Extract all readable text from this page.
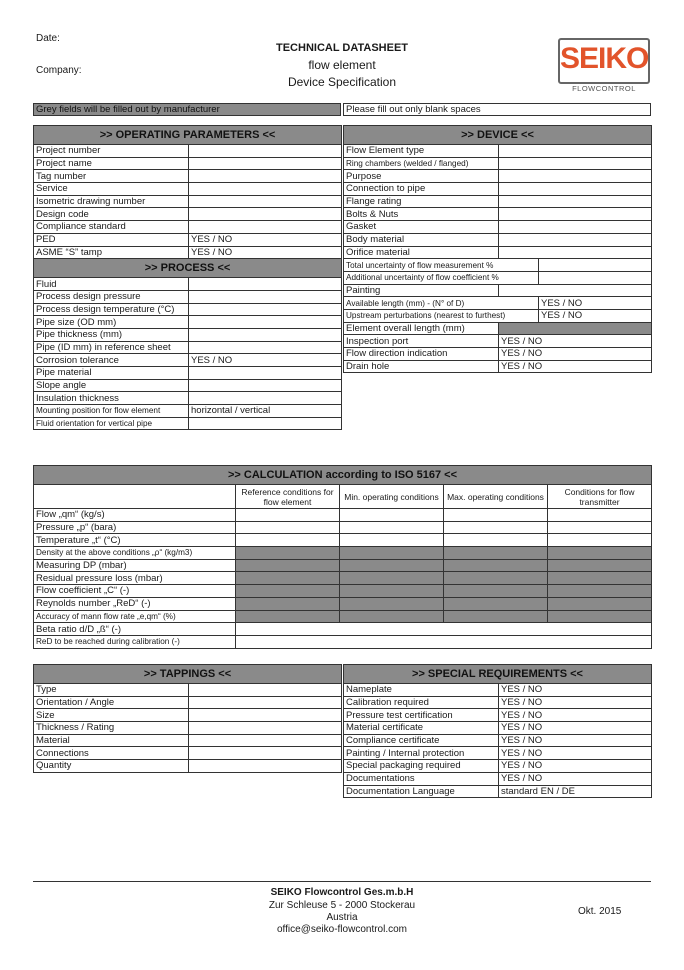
Date:
Company:
TECHNICAL DATASHEET
flow element
Device Specification
SEIKO
FLOWCONTROL
Grey fields will be filled out by manufacturer	Please fill out only blank spaces
>> OPERATING PARAMETERS <<	
Project number	
Project name	
Tag number	
Service	
Isometric drawing number	
Design code	
Compliance standard	
PED	YES / NO
ASME “S” tamp	YES / NO
>> PROCESS <<	
Fluid	
Process design pressure	
Process design temperature (°C)	
Pipe size (OD mm)	
Pipe thickness (mm)	
Pipe (ID mm) in reference sheet	
Corrosion tolerance	YES / NO
Pipe material	
Slope angle	
Insulation thickness	
Mounting position for flow element	horizontal / vertical
Fluid orientation for vertical pipe	
>> DEVICE <<		
Flow Element type		
Ring chambers (welded / flanged)		
Purpose		
Connection to pipe		
Flange rating		
Bolts & Nuts		
Gasket		
Body material		
Orifice material		
Total uncertainty of flow measurement %		
Additional uncertainty of flow coefficient %		
Painting		
Available length (mm) - (N° of D)		YES / NO
Upstream perturbations (nearest to furthest)		YES / NO
Element overall length (mm)		
Inspection port	YES / NO	
Flow direction indication	YES / NO	
Drain hole	YES / NO	
>> CALCULATION according to ISO 5167 <<				
	Reference conditions for flow element	Min. operating conditions	Max. operating conditions	Conditions for flow transmitter
Flow „qm“ (kg/s)				
Pressure „p“ (bara)				
Temperature „t“ (°C)				
Density at the above conditions „ρ“ (kg/m3)				
Measuring DP (mbar)				
Residual pressure loss (mbar)				
Flow coefficient „C“ (-)				
Reynolds number „ReD“ (-)				
Accuracy of mann flow rate „e,qm“ (%)				
Beta ratio d/D „ß“ (-)				
ReD to be reached during calibration (-)				
>> TAPPINGS <<	
Type	
Orientation / Angle	
Size	
Thickness / Rating	
Material	
Connections	
Quantity	
>> SPECIAL REQUIREMENTS <<	
Nameplate	YES / NO
Calibration required	YES / NO
Pressure test certification	YES / NO
Material certificate	YES / NO
Compliance certificate	YES / NO
Painting / Internal protection	YES / NO
Special packaging required	YES / NO
Documentations	YES / NO
Documentation Language	standard EN / DE
SEIKO Flowcontrol Ges.m.b.H
Zur Schleuse 5 - 2000 Stockerau
Austria
office@seiko-flowcontrol.com
Okt. 2015
